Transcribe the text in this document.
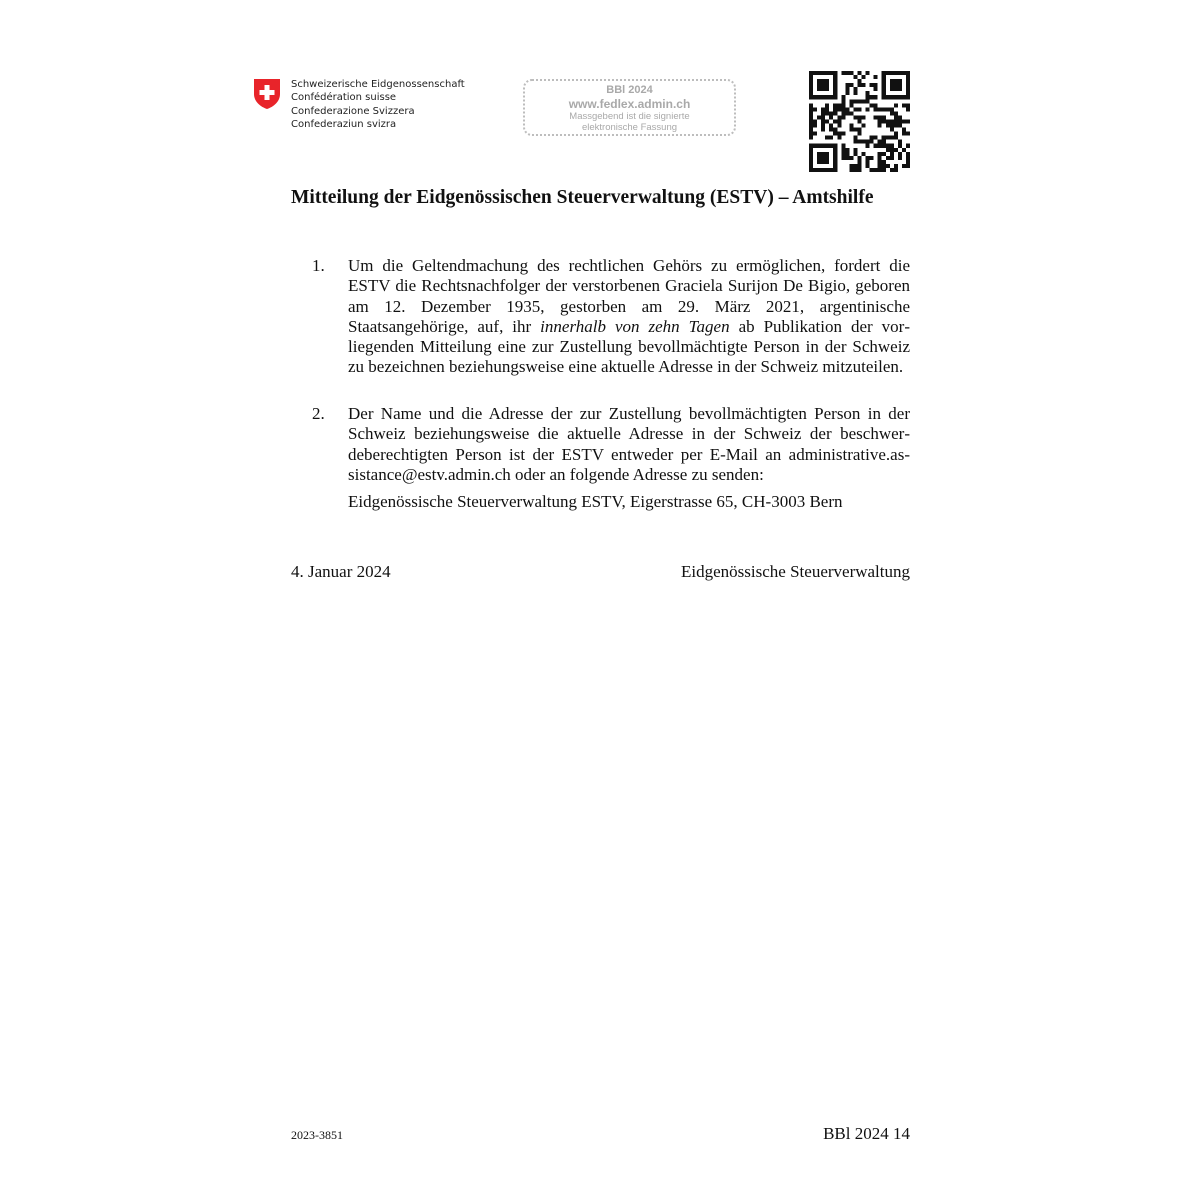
Schweizerische Eidgenossenschaft
Confédération suisse
Confederazione Svizzera
Confederaziun svizra
BBl 2024
www.fedlex.admin.ch
Massgebend ist die signierte
elektronische Fassung
Mitteilung der Eidgenössischen Steuerverwaltung (ESTV) – Amtshilfe
1. Um die Geltendmachung des rechtlichen Gehörs zu ermöglichen, fordert die ESTV die Rechtsnachfolger der verstorbenen Graciela Surijon De Bigio, geboren am 12. Dezember 1935, gestorben am 29. März 2021, argentinische Staatsangehörige, auf, ihr innerhalb von zehn Tagen ab Publikation der vorliegenden Mitteilung eine zur Zustellung bevollmächtigte Person in der Schweiz zu bezeichnen beziehungsweise eine aktuelle Adresse in der Schweiz mitzuteilen.
2. Der Name und die Adresse der zur Zustellung bevollmächtigten Person in der Schweiz beziehungsweise die aktuelle Adresse in der Schweiz der beschwerdeberechtigten Person ist der ESTV entweder per E-Mail an administrative.assistance@estv.admin.ch oder an folgende Adresse zu senden:
Eidgenössische Steuerverwaltung ESTV, Eigerstrasse 65, CH-3003 Bern
4. Januar 2024	Eidgenössische Steuerverwaltung
2023-3851	BBl 2024 14
